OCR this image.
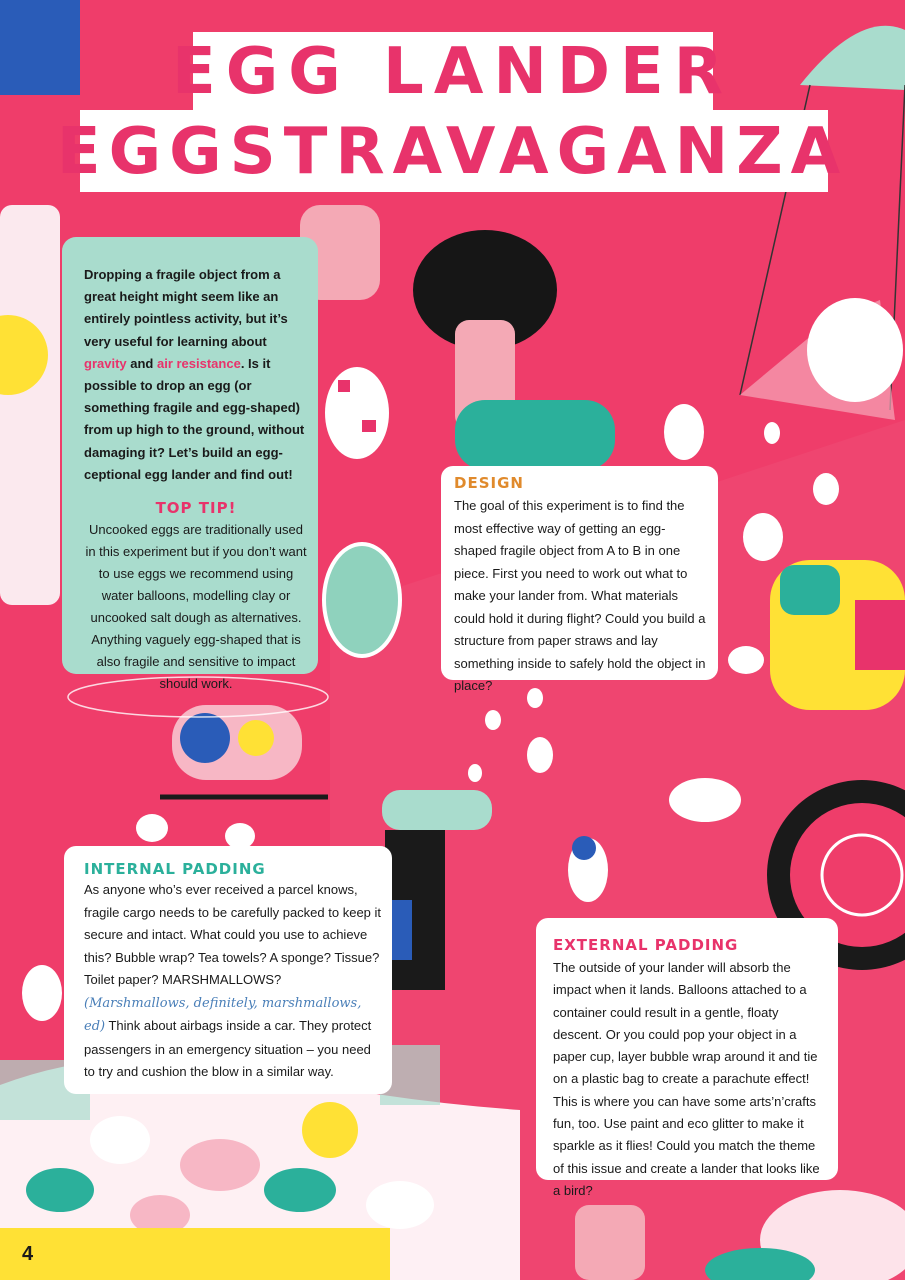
EGG LANDER
EGGSTRAVAGANZA

Dropping a fragile object from a great height might seem like an entirely pointless activity, but it’s very useful for learning about gravity and air resistance. Is it possible to drop an egg (or something fragile and egg-shaped) from up high to the ground, without damaging it? Let’s build an egg-ceptional egg lander and find out!

TOP TIP!

Uncooked eggs are traditionally used in this experiment but if you don’t want to use eggs we recommend using water balloons, modelling clay or uncooked salt dough as alternatives. Anything vaguely egg-shaped that is also fragile and sensitive to impact should work.

DESIGN

The goal of this experiment is to find the most effective way of getting an egg-shaped fragile object from A to B in one piece. First you need to work out what to make your lander from. What materials could hold it during flight? Could you build a structure from paper straws and lay something inside to safely hold the object in place?

INTERNAL PADDING

As anyone who’s ever received a parcel knows, fragile cargo needs to be carefully packed to keep it secure and intact. What could you use to achieve this? Bubble wrap? Tea towels? A sponge? Tissue? Toilet paper? MARSHMALLOWS? (Marshmallows, definitely, marshmallows, ed) Think about airbags inside a car. They protect passengers in an emergency situation – you need to try and cushion the blow in a similar way.

EXTERNAL PADDING

The outside of your lander will absorb the impact when it lands. Balloons attached to a container could result in a gentle, floaty descent. Or you could pop your object in a paper cup, layer bubble wrap around it and tie on a plastic bag to create a parachute effect! This is where you can have some arts’n’crafts fun, too. Use paint and eco glitter to make it sparkle as it flies! Could you match the theme of this issue and create a lander that looks like a bird?

4
